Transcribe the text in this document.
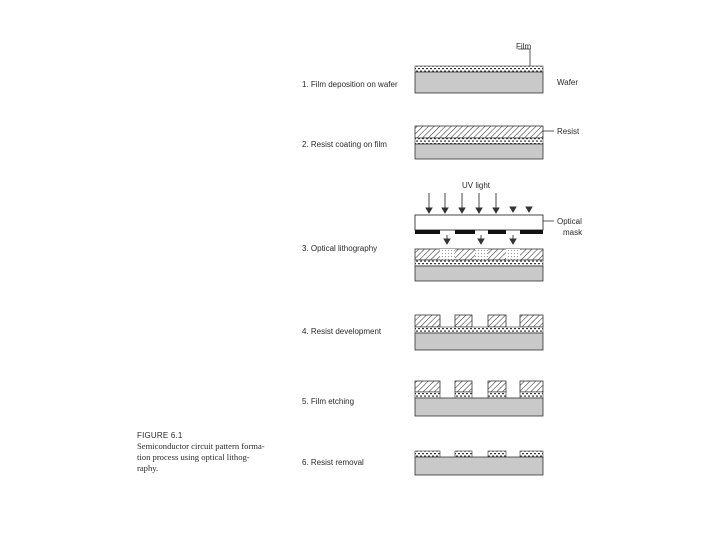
Film
Wafer
Resist
UV light
Optical
mask
1. Film deposition on wafer
2. Resist coating on film
3. Optical lithography
4. Resist development
5. Film etching
6. Resist removal
FIGURE 6.1
Semiconductor circuit pattern forma-
tion process using optical lithog-
raphy.
